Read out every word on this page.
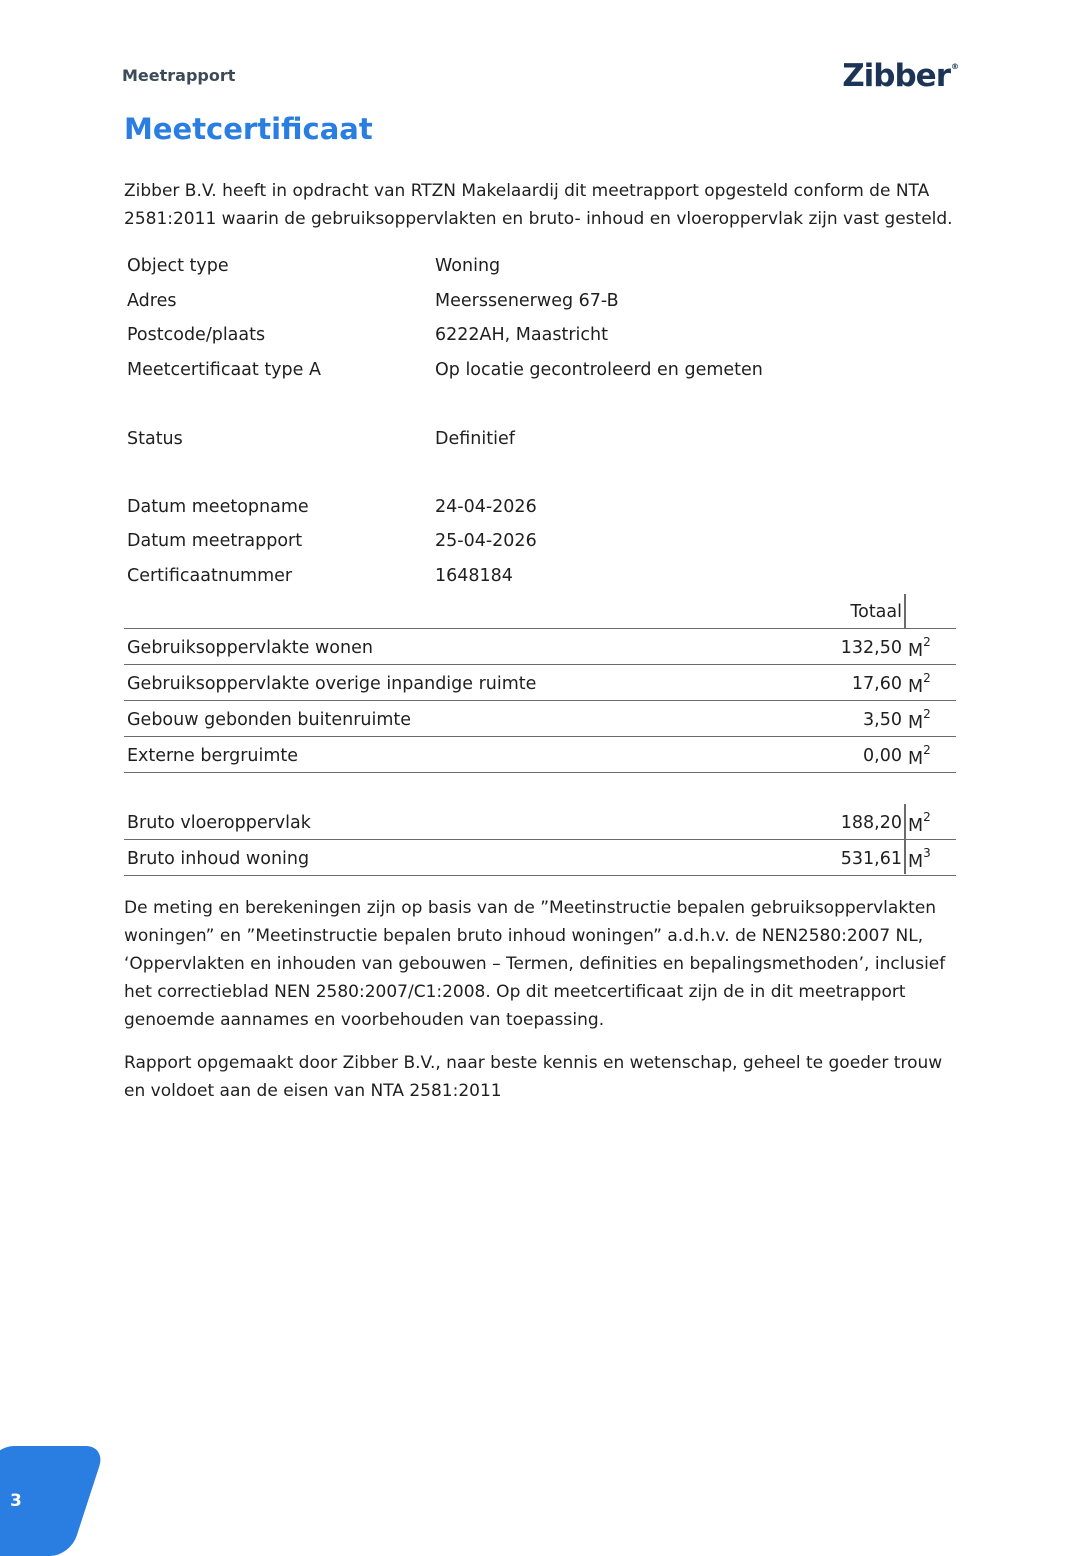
Meetrapport	Zibber®
Meetcertificaat

Zibber B.V. heeft in opdracht van RTZN Makelaardij dit meetrapport opgesteld conform de NTA 2581:2011 waarin de gebruiksoppervlakten en bruto- inhoud en vloeroppervlak zijn vast gesteld.

Object type	Woning
Adres	Meerssenerweg 67-B
Postcode/plaats	6222AH, Maastricht
Meetcertificaat type A	Op locatie gecontroleerd en gemeten
Status	Definitief
Datum meetopname	24-04-2026
Datum meetrapport	25-04-2026
Certificaatnummer	1648184
Totaal
Gebruiksoppervlakte wonen	132,50 $M^2$
Gebruiksoppervlakte overige inpandige ruimte	17,60 $M^2$
Gebouw gebonden buitenruimte	3,50 $M^2$
Externe bergruimte	0,00 $M^2$
Bruto vloeroppervlak	188,20 $M^2$
Bruto inhoud woning	531,61 $M^3$

De meting en berekeningen zijn op basis van de ”Meetinstructie bepalen gebruiksoppervlakten woningen” en ”Meetinstructie bepalen bruto inhoud woningen” a.d.h.v. de NEN2580:2007 NL, ‘Oppervlakten en inhouden van gebouwen – Termen, definities en bepalingsmethoden’, inclusief het correctieblad NEN 2580:2007/C1:2008. Op dit meetcertificaat zijn de in dit meetrapport genoemde aannames en voorbehouden van toepassing.

Rapport opgemaakt door Zibber B.V., naar beste kennis en wetenschap, geheel te goeder trouw en voldoet aan de eisen van NTA 2581:2011

3
